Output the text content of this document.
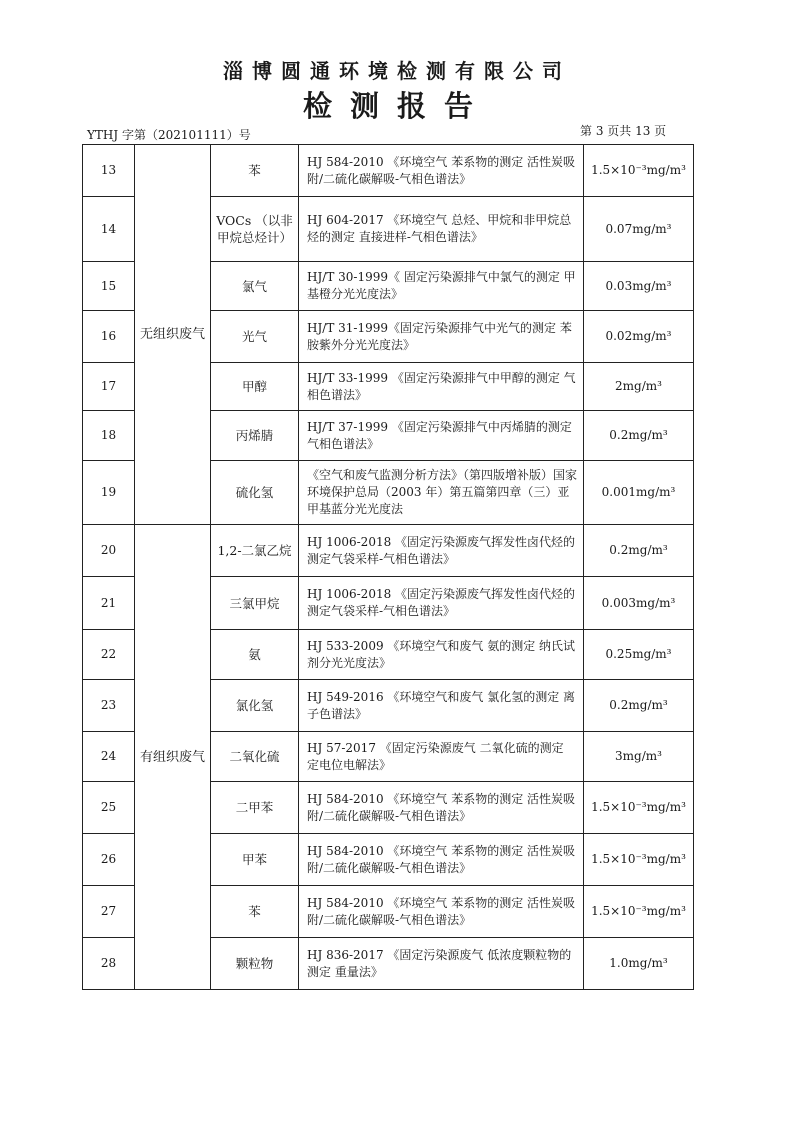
淄博圆通环境检测有限公司
检测报告
YTHJ 字第（202101111）号	第 3 页共 13 页
13	无组织废气	苯	HJ 584-2010 《环境空气 苯系物的测定 活性炭吸附/二硫化碳解吸-气相色谱法》	1.5×10⁻³mg/m³
14		VOCs （以非甲烷总烃计）	HJ 604-2017 《环境空气 总烃、甲烷和非甲烷总烃的测定 直接进样-气相色谱法》	0.07mg/m³
15		氯气	HJ/T 30-1999《 固定污染源排气中氯气的测定 甲基橙分光光度法》	0.03mg/m³
16		光气	HJ/T 31-1999《固定污染源排气中光气的测定 苯胺紫外分光光度法》	0.02mg/m³
17		甲醇	HJ/T 33-1999 《固定污染源排气中甲醇的测定 气相色谱法》	2mg/m³
18		丙烯腈	HJ/T 37-1999 《固定污染源排气中丙烯腈的测定 气相色谱法》	0.2mg/m³
19		硫化氢	《空气和废气监测分析方法》（第四版增补版）国家环境保护总局（2003 年）第五篇第四章（三）亚甲基蓝分光光度法	0.001mg/m³
20	有组织废气	1,2-二氯乙烷	HJ 1006-2018 《固定污染源废气挥发性卤代烃的测定气袋采样-气相色谱法》	0.2mg/m³
21		三氯甲烷	HJ 1006-2018 《固定污染源废气挥发性卤代烃的测定气袋采样-气相色谱法》	0.003mg/m³
22		氨	HJ 533-2009 《环境空气和废气 氨的测定 纳氏试剂分光光度法》	0.25mg/m³
23		氯化氢	HJ 549-2016 《环境空气和废气 氯化氢的测定 离子色谱法》	0.2mg/m³
24		二氧化硫	HJ 57-2017 《固定污染源废气 二氧化硫的测定 定电位电解法》	3mg/m³
25		二甲苯	HJ 584-2010 《环境空气 苯系物的测定 活性炭吸附/二硫化碳解吸-气相色谱法》	1.5×10⁻³mg/m³
26		甲苯	HJ 584-2010 《环境空气 苯系物的测定 活性炭吸附/二硫化碳解吸-气相色谱法》	1.5×10⁻³mg/m³
27		苯	HJ 584-2010 《环境空气 苯系物的测定 活性炭吸附/二硫化碳解吸-气相色谱法》	1.5×10⁻³mg/m³
28		颗粒物	HJ 836-2017 《固定污染源废气 低浓度颗粒物的测定 重量法》	1.0mg/m³
